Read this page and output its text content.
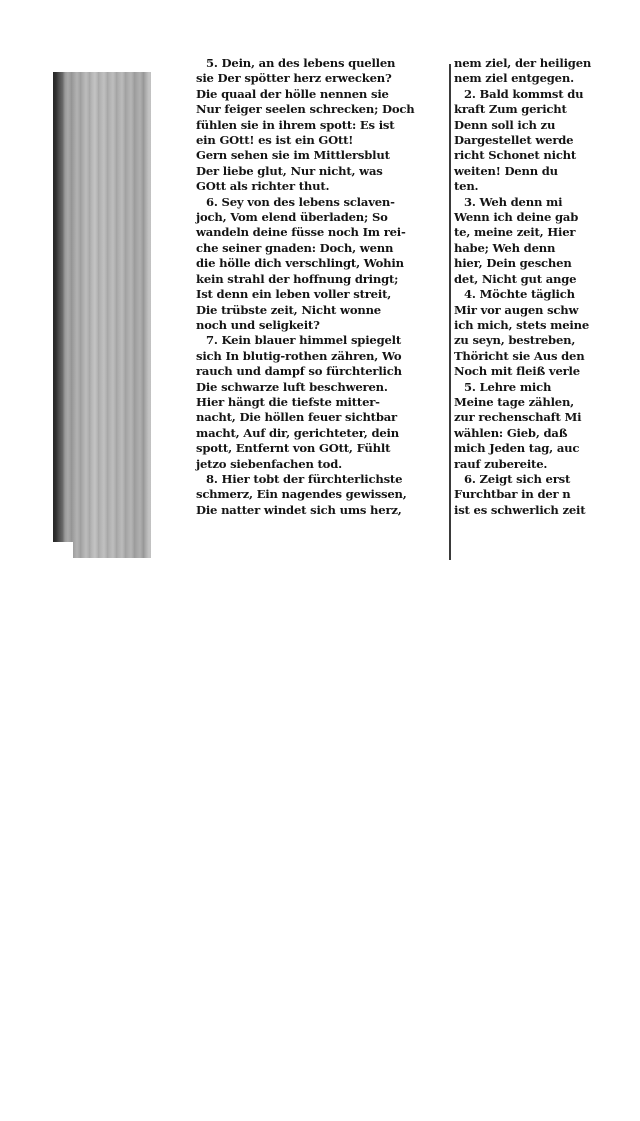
5. Dein, an des lebens quellen
sie Der spötter herz erwecken?
Die quaal der hölle nennen sie
Nur feiger seelen schrecken; Doch
fühlen sie in ihrem spott: Es ist
ein GOtt! es ist ein GOtt!
Gern sehen sie im Mittlersblut
Der liebe glut, Nur nicht, was
GOtt als richter thut.
6. Sey von des lebens sclaven-
joch, Vom elend überladen; So
wandeln deine füsse noch Im rei-
che seiner gnaden: Doch, wenn
die hölle dich verschlingt, Wohin
kein strahl der hoffnung dringt;
Ist denn ein leben voller streit,
Die trübste zeit, Nicht wonne
noch und seligkeit?
7. Kein blauer himmel spiegelt
sich In blutig-rothen zähren, Wo
rauch und dampf so fürchterlich
Die schwarze luft beschweren.
Hier hängt die tiefste mitter-
nacht, Die höllen feuer sichtbar
macht, Auf dir, gerichteter, dein
spott, Entfernt von GOtt, Fühlt
jetzo siebenfachen tod.
8. Hier tobt der fürchterlichste
schmerz, Ein nagendes gewissen,
Die natter windet sich ums herz,
nem ziel, der heiligen
nem ziel entgegen.
2. Bald kommst du
kraft Zum gericht
Denn soll ich zu
Dargestellet werde
richt Schonet nicht
weiten! Denn du
ten.
3. Weh denn mi
Wenn ich deine gab
te, meine zeit, Hier
habe; Weh denn
hier, Dein geschen
det, Nicht gut ange
4. Möchte täglich
Mir vor augen schw
ich mich, stets meine
zu seyn, bestreben,
Thöricht sie Aus den
Noch mit fleiß verle
5. Lehre mich
Meine tage zählen,
zur rechenschaft Mi
wählen: Gieb, daß
mich Jeden tag, auc
rauf zubereite.
6. Zeigt sich erst
Furchtbar in der n
ist es schwerlich zeit
